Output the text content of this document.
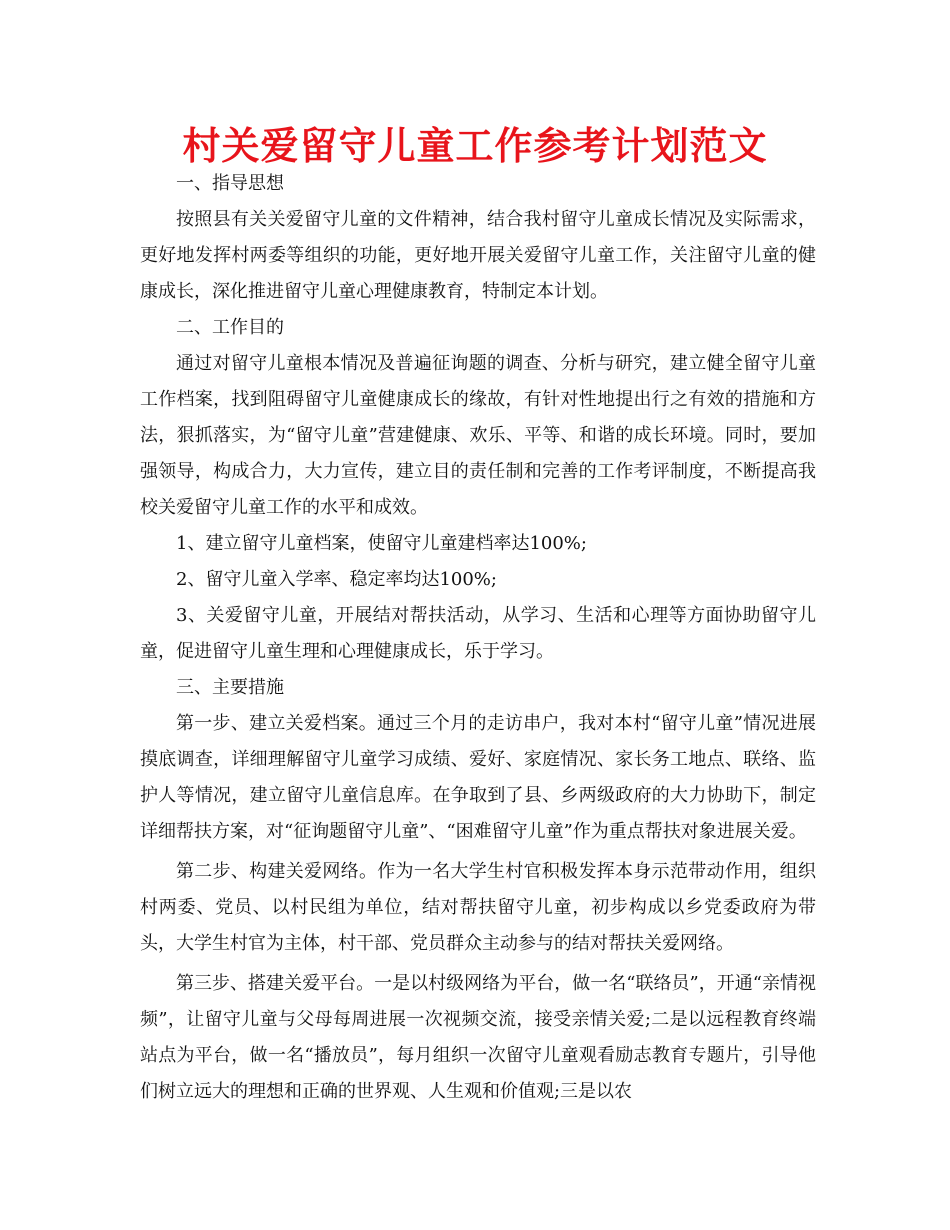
村关爱留守儿童工作参考计划范文

一、指导思想

按照县有关关爱留守儿童的文件精神，结合我村留守儿童成长情况及实际需求，更好地发挥村两委等组织的功能，更好地开展关爱留守儿童工作，关注留守儿童的健康成长，深化推进留守儿童心理健康教育，特制定本计划。

二、工作目的

通过对留守儿童根本情况及普遍征询题的调查、分析与研究，建立健全留守儿童工作档案，找到阻碍留守儿童健康成长的缘故，有针对性地提出行之有效的措施和方法，狠抓落实，为“留守儿童”营建健康、欢乐、平等、和谐的成长环境。同时，要加强领导，构成合力，大力宣传，建立目的责任制和完善的工作考评制度，不断提高我校关爱留守儿童工作的水平和成效。

1、建立留守儿童档案，使留守儿童建档率达100%;

2、留守儿童入学率、稳定率均达100%;

3、关爱留守儿童，开展结对帮扶活动，从学习、生活和心理等方面协助留守儿童，促进留守儿童生理和心理健康成长，乐于学习。

三、主要措施

第一步、建立关爱档案。通过三个月的走访串户，我对本村“留守儿童”情况进展摸底调查，详细理解留守儿童学习成绩、爱好、家庭情况、家长务工地点、联络、监护人等情况，建立留守儿童信息库。在争取到了县、乡两级政府的大力协助下，制定详细帮扶方案，对“征询题留守儿童”、“困难留守儿童”作为重点帮扶对象进展关爱。

第二步、构建关爱网络。作为一名大学生村官积极发挥本身示范带动作用，组织村两委、党员、以村民组为单位，结对帮扶留守儿童，初步构成以乡党委政府为带头，大学生村官为主体，村干部、党员群众主动参与的结对帮扶关爱网络。

第三步、搭建关爱平台。一是以村级网络为平台，做一名“联络员”，开通“亲情视频”，让留守儿童与父母每周进展一次视频交流，接受亲情关爱;二是以远程教育终端站点为平台，做一名“播放员”，每月组织一次留守儿童观看励志教育专题片，引导他们树立远大的理想和正确的世界观、人生观和价值观;三是以农
